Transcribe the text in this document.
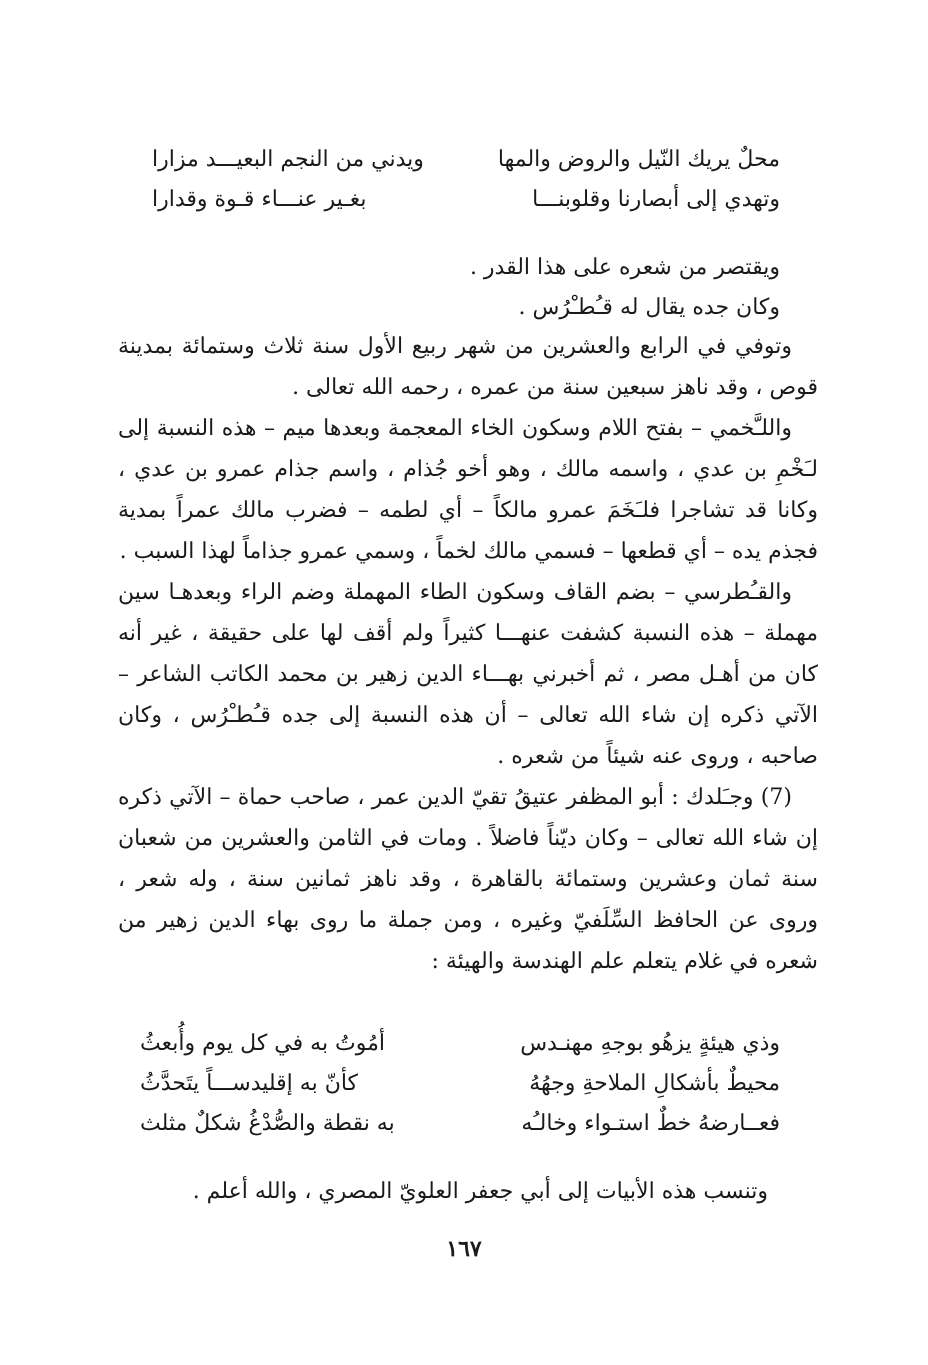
محلٌ يريك النّيل والروض والمها
ويدني من النجم البعيـــد مزارا
وتهدي إلى أبصارنا وقلوبنـــا
بغـير عنـــاء قـوة وقدارا
ويقتصر من شعره على هذا القدر .
وكان جده يقال له قـُطـْرُس .

وتوفي في الرابع والعشرين من شهر ربيع الأول سنة ثلاث وستمائة بمدينة قوص ، وقد ناهز سبعين سنة من عمره ، رحمه الله تعالى .

واللـَّخمي – بفتح اللام وسكون الخاء المعجمة وبعدها ميم – هذه النسبة إلى لـَخْمِ بن عدي ، واسمه مالك ، وهو أخو جُذام ، واسم جذام عمرو بن عدي ، وكانا قد تشاجرا فلـَخَمَ عمرو مالكاً – أي لطمه – فضرب مالك عمراً بمدية فجذم يده – أي قطعها – فسمي مالك لخماً ، وسمي عمرو جذاماً لهذا السبب .

والقـُطرسي – بضم القاف وسكون الطاء المهملة وضم الراء وبعدهـا سين مهملة – هذه النسبة كشفت عنهـــا كثيراً ولم أقف لها على حقيقة ، غير أنه كان من أهـل مصر ، ثم أخبرني بهـــاء الدين زهير بن محمد الكاتب الشاعر – الآتي ذكره إن شاء الله تعالى – أن هذه النسبة إلى جده قـُطـْرُس ، وكان صاحبه ، وروى عنه شيئاً من شعره .

(7) وجـَلدك : أبو المظفر عتيقُ تقيّ الدين عمر ، صاحب حماة – الآتي ذكره إن شاء الله تعالى – وكان ديّناً فاضلاً . ومات في الثامن والعشرين من شعبان سنة ثمان وعشرين وستمائة بالقاهرة ، وقد ناهز ثمانين سنة ، وله شعر ، وروى عن الحافظ السِّلَفيّ وغيره ، ومن جملة ما روى بهاء الدين زهير من شعره في غلام يتعلم علم الهندسة والهيئة :

وذي هيئةٍ يزهُو بوجهِ مهنـدس
أمُوتُ به في كل يوم وأُبعثُ
محيطٌ بأشكالِ الملاحةِ وجهُهُ
كأنّ به إقليدســـاً يتَحدَّثُ
فعــارضهُ خطٌ استـواء وخالـُه
به نقطة والصُّدْغُ شكلٌ مثلث
وتنسب هذه الأبيات إلى أبي جعفر العلويّ المصري ، والله أعلم .
١٦٧
